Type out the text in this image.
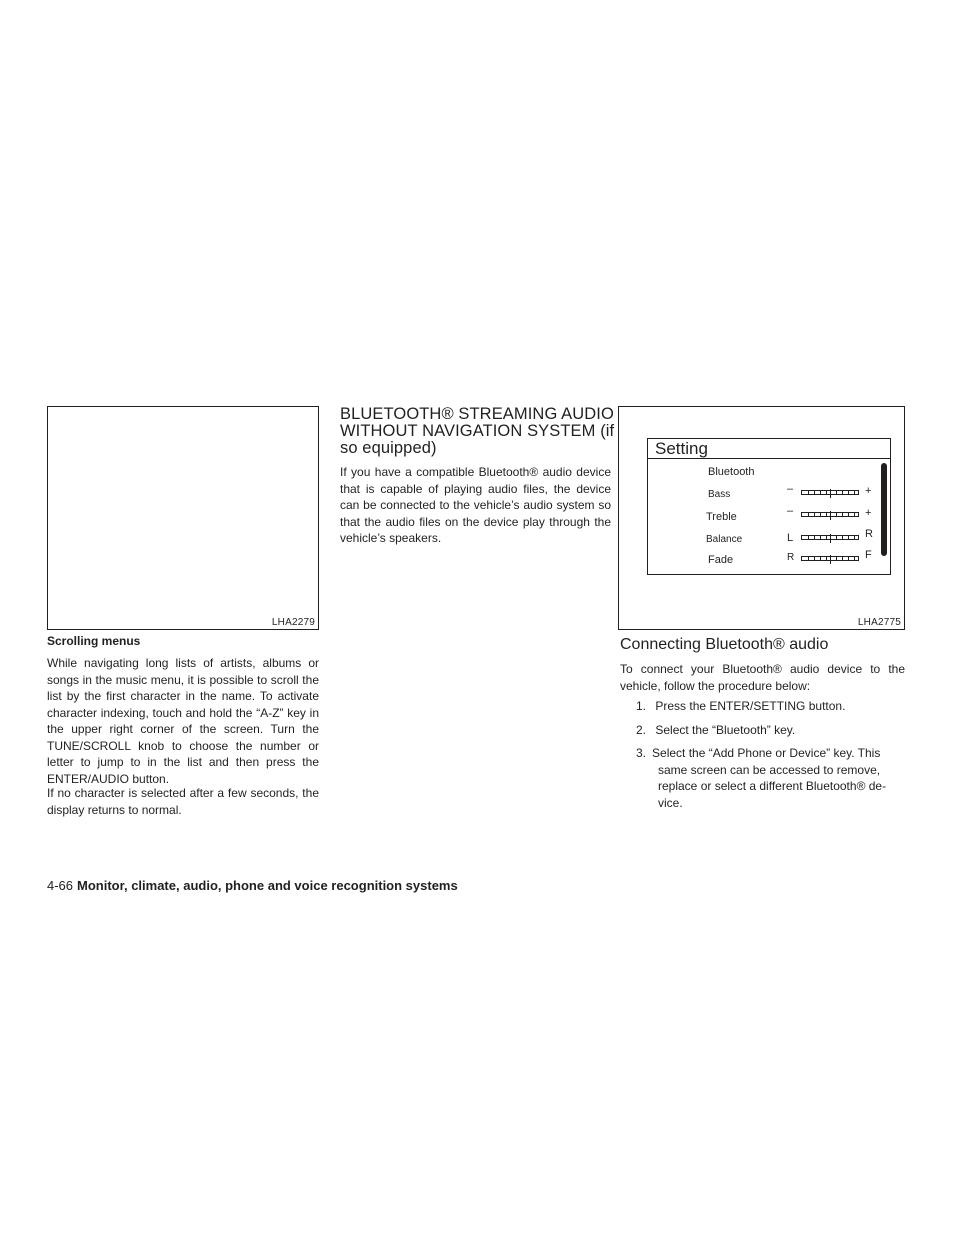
LHA2279
Scrolling menus

While navigating long lists of artists, albums or songs in the music menu, it is possible to scroll the list by the first character in the name. To activate character indexing, touch and hold the “A-Z” key in the upper right corner of the screen. Turn the TUNE/SCROLL knob to choose the number or letter to jump to in the list and then press the ENTER/AUDIO button.

If no character is selected after a few seconds, the display returns to normal.

BLUETOOTH® STREAMING AUDIO
WITHOUT NAVIGATION SYSTEM (if
so equipped)

If you have a compatible Bluetooth® audio device that is capable of playing audio files, the device can be connected to the vehicle’s audio system so that the audio files on the device play through the vehicle’s speakers.

Setting
Bluetooth
Bass	–	+
Treble	–	+
Balance	L	R
Fade	R	F
LHA2775
Connecting Bluetooth® audio

To connect your Bluetooth® audio device to the vehicle, follow the procedure below:

1. Press the ENTER/SETTING button.
2. Select the “Bluetooth” key.
3. Select the “Add Phone or Device” key. This
same screen can be accessed to remove,
replace or select a different Bluetooth® de-
vice.
4-66 Monitor, climate, audio, phone and voice recognition systems
